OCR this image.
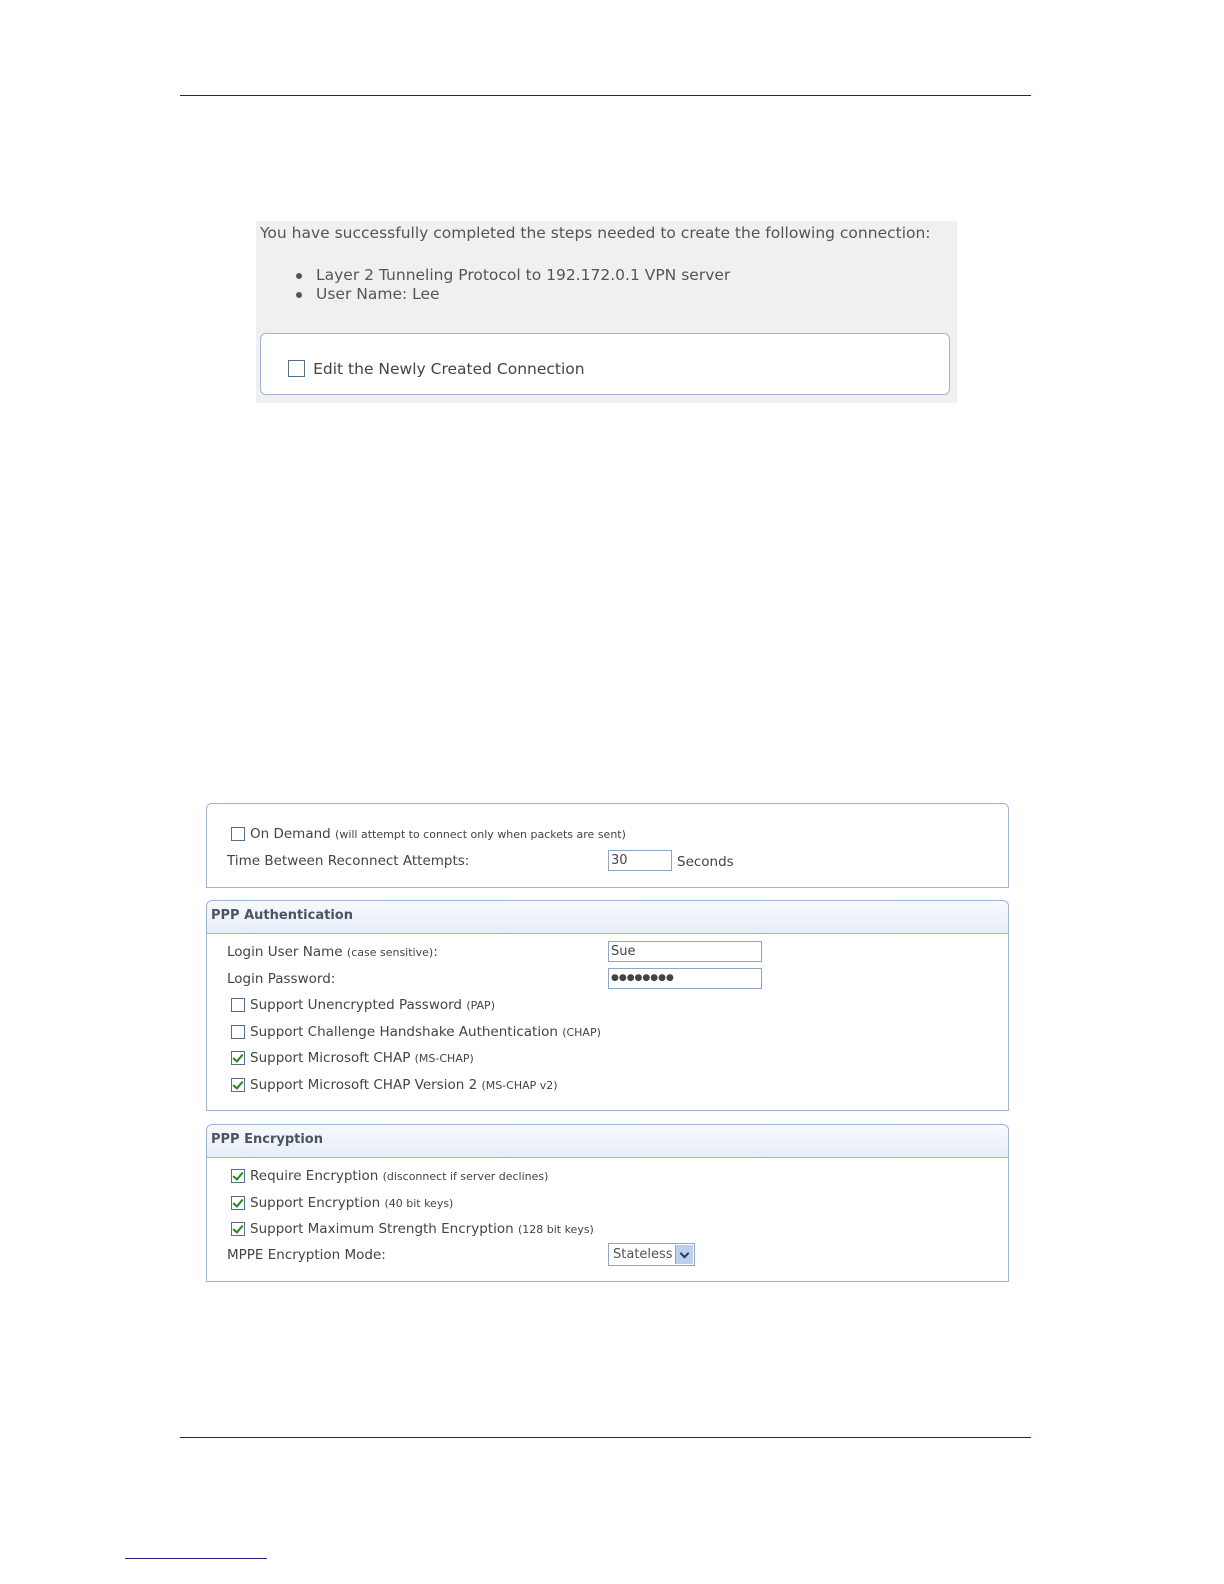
You have successfully completed the steps needed to create the following connection:
Layer 2 Tunneling Protocol to 192.172.0.1 VPN server
User Name: Lee
Edit the Newly Created Connection
On Demand (will attempt to connect only when packets are sent)
Time Between Reconnect Attempts:	30	Seconds
PPP Authentication
Login User Name (case sensitive):	Sue
Login Password:	●●●●●●●●
Support Unencrypted Password (PAP)
Support Challenge Handshake Authentication (CHAP)
Support Microsoft CHAP (MS-CHAP)
Support Microsoft CHAP Version 2 (MS-CHAP v2)
PPP Encryption
Require Encryption (disconnect if server declines)
Support Encryption (40 bit keys)
Support Maximum Strength Encryption (128 bit keys)
MPPE Encryption Mode:	Stateless
